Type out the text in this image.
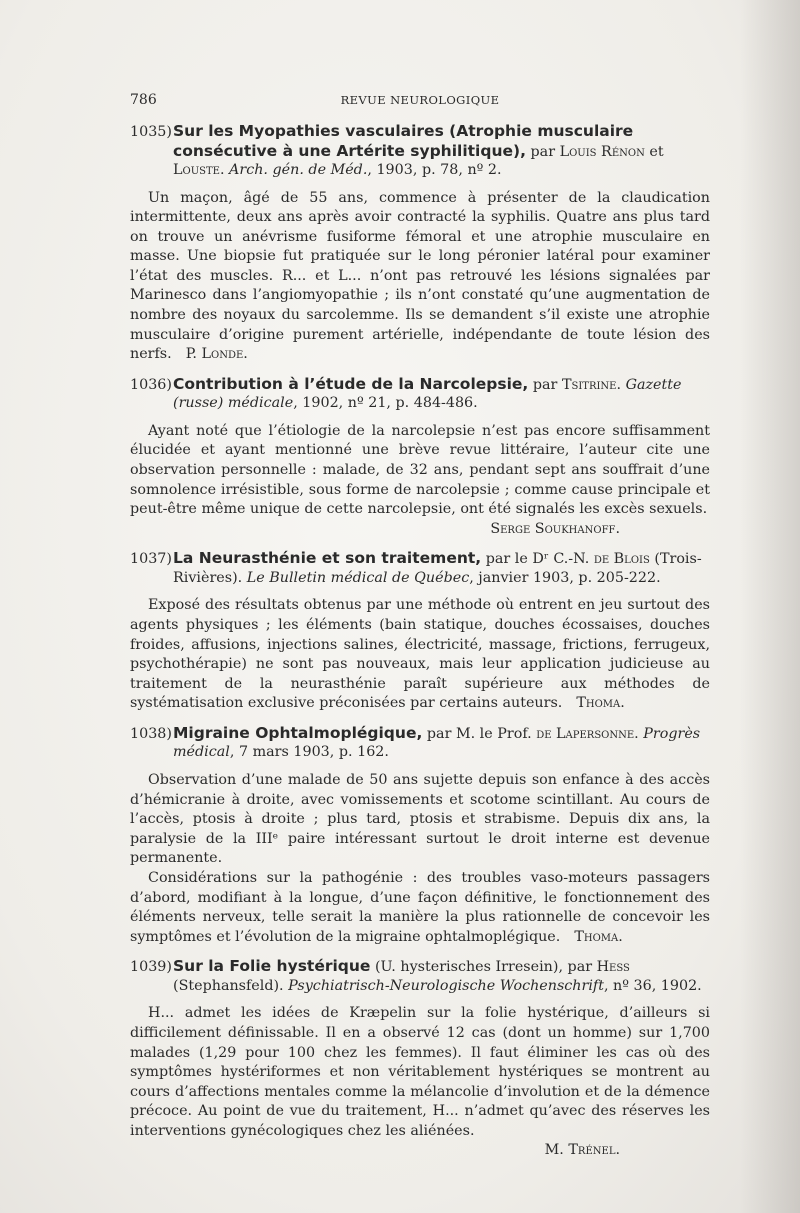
786	REVUE NEUROLOGIQUE
1035)Sur les Myopathies vasculaires (Atrophie musculaire consécutive à une Artérite syphilitique), par Louis Rénon et Louste. Arch. gén. de Méd., 1903, p. 78, nº 2.

Un maçon, âgé de 55 ans, commence à présenter de la claudication intermittente, deux ans après avoir contracté la syphilis. Quatre ans plus tard on trouve un anévrisme fusiforme fémoral et une atrophie musculaire en masse. Une biopsie fut pratiquée sur le long péronier latéral pour examiner l’état des muscles. R... et L... n’ont pas retrouvé les lésions signalées par Marinesco dans l’angiomyopathie ; ils n’ont constaté qu’une augmentation de nombre des noyaux du sarcolemme. Ils se demandent s’il existe une atrophie musculaire d’origine purement artérielle, indépendante de toute lésion des nerfs. P. Londe.

1036)Contribution à l’étude de la Narcolepsie, par Tsitrine. Gazette (russe) médicale, 1902, nº 21, p. 484-486.

Ayant noté que l’étiologie de la narcolepsie n’est pas encore suffisamment élucidée et ayant mentionné une brève revue littéraire, l’auteur cite une observation personnelle : malade, de 32 ans, pendant sept ans souffrait d’une somnolence irrésistible, sous forme de narcolepsie ; comme cause principale et peut-être même unique de cette narcolepsie, ont été signalés les excès sexuels.

Serge Soukhanoff.
1037)La Neurasthénie et son traitement, par le Dʳ C.-N. de Blois (Trois-Rivières). Le Bulletin médical de Québec, janvier 1903, p. 205-222.

Exposé des résultats obtenus par une méthode où entrent en jeu surtout des agents physiques ; les éléments (bain statique, douches écossaises, douches froides, affusions, injections salines, électricité, massage, frictions, ferrugeux, psychothérapie) ne sont pas nouveaux, mais leur application judicieuse au traitement de la neurasthénie paraît supérieure aux méthodes de systématisation exclusive préconisées par certains auteurs. Thoma.

1038)Migraine Ophtalmoplégique, par M. le Prof. de Lapersonne. Progrès médical, 7 mars 1903, p. 162.

Observation d’une malade de 50 ans sujette depuis son enfance à des accès d’hémicranie à droite, avec vomissements et scotome scintillant. Au cours de l’accès, ptosis à droite ; plus tard, ptosis et strabisme. Depuis dix ans, la paralysie de la IIIᵉ paire intéressant surtout le droit interne est devenue permanente.

Considérations sur la pathogénie : des troubles vaso-moteurs passagers d’abord, modifiant à la longue, d’une façon définitive, le fonctionnement des éléments nerveux, telle serait la manière la plus rationnelle de concevoir les symptômes et l’évolution de la migraine ophtalmoplégique. Thoma.

1039)Sur la Folie hystérique (U. hysterisches Irresein), par Hess (Stephansfeld). Psychiatrisch-Neurologische Wochenschrift, nº 36, 1902.

H... admet les idées de Kræpelin sur la folie hystérique, d’ailleurs si difficilement définissable. Il en a observé 12 cas (dont un homme) sur 1,700 malades (1,29 pour 100 chez les femmes). Il faut éliminer les cas où des symptômes hystériformes et non véritablement hystériques se montrent au cours d’affections mentales comme la mélancolie d’involution et de la démence précoce. Au point de vue du traitement, H... n’admet qu’avec des réserves les interventions gynécologiques chez les aliénées.

M. Trénel.
